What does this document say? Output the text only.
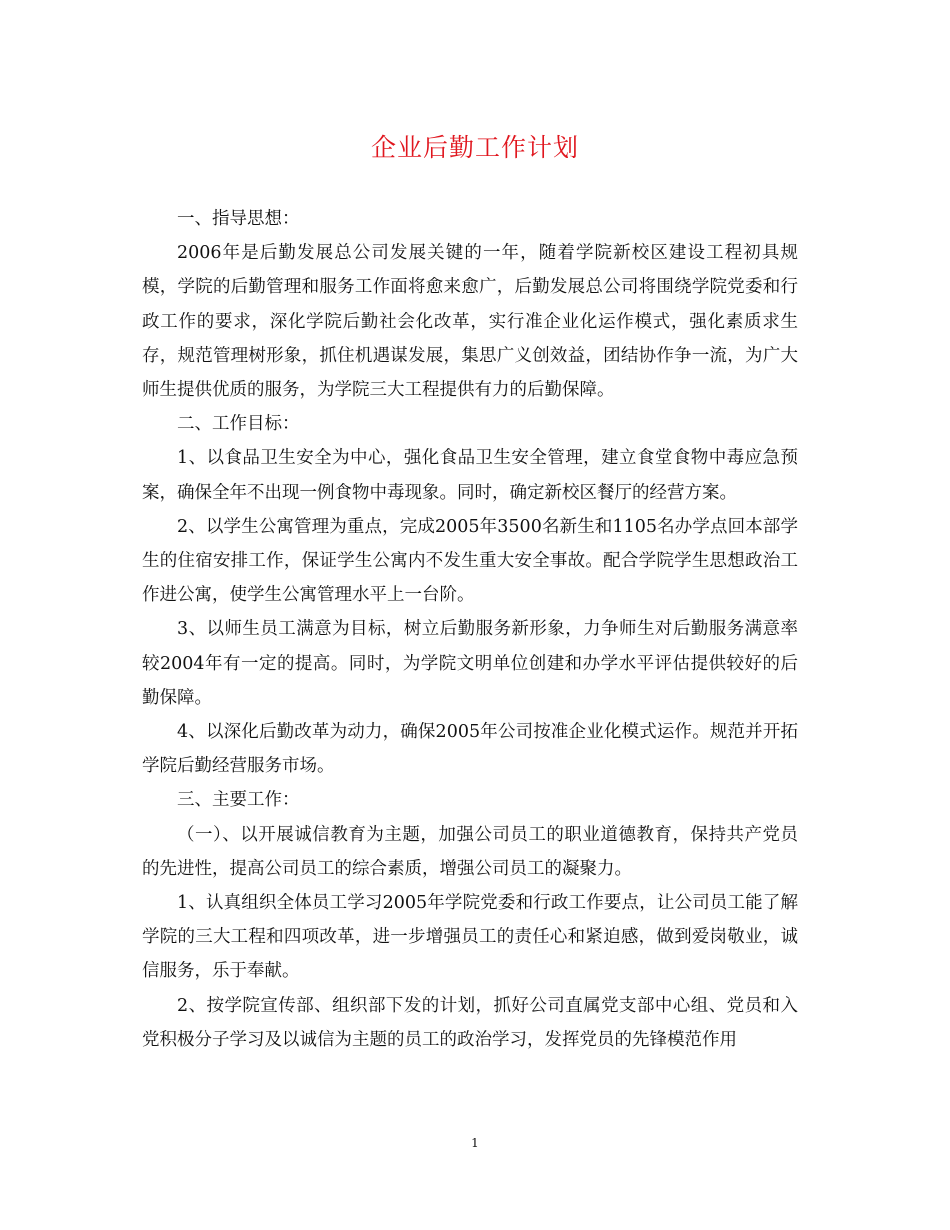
企业后勤工作计划

一、指导思想：

2006年是后勤发展总公司发展关键的一年，随着学院新校区建设工程初具规模，学院的后勤管理和服务工作面将愈来愈广，后勤发展总公司将围绕学院党委和行政工作的要求，深化学院后勤社会化改革，实行准企业化运作模式，强化素质求生存，规范管理树形象，抓住机遇谋发展，集思广义创效益，团结协作争一流，为广大师生提供优质的服务，为学院三大工程提供有力的后勤保障。

二、工作目标：

1、以食品卫生安全为中心，强化食品卫生安全管理，建立食堂食物中毒应急预案，确保全年不出现一例食物中毒现象。同时，确定新校区餐厅的经营方案。

2、以学生公寓管理为重点，完成2005年3500名新生和1105名办学点回本部学生的住宿安排工作，保证学生公寓内不发生重大安全事故。配合学院学生思想政治工作进公寓，使学生公寓管理水平上一台阶。

3、以师生员工满意为目标，树立后勤服务新形象，力争师生对后勤服务满意率较2004年有一定的提高。同时，为学院文明单位创建和办学水平评估提供较好的后勤保障。

4、以深化后勤改革为动力，确保2005年公司按准企业化模式运作。规范并开拓学院后勤经营服务市场。

三、主要工作：

（一）、以开展诚信教育为主题，加强公司员工的职业道德教育，保持共产党员的先进性，提高公司员工的综合素质，增强公司员工的凝聚力。

1、认真组织全体员工学习2005年学院党委和行政工作要点，让公司员工能了解学院的三大工程和四项改革，进一步增强员工的责任心和紧迫感，做到爱岗敬业，诚信服务，乐于奉献。

2、按学院宣传部、组织部下发的计划，抓好公司直属党支部中心组、党员和入党积极分子学习及以诚信为主题的员工的政治学习，发挥党员的先锋模范作用

1
